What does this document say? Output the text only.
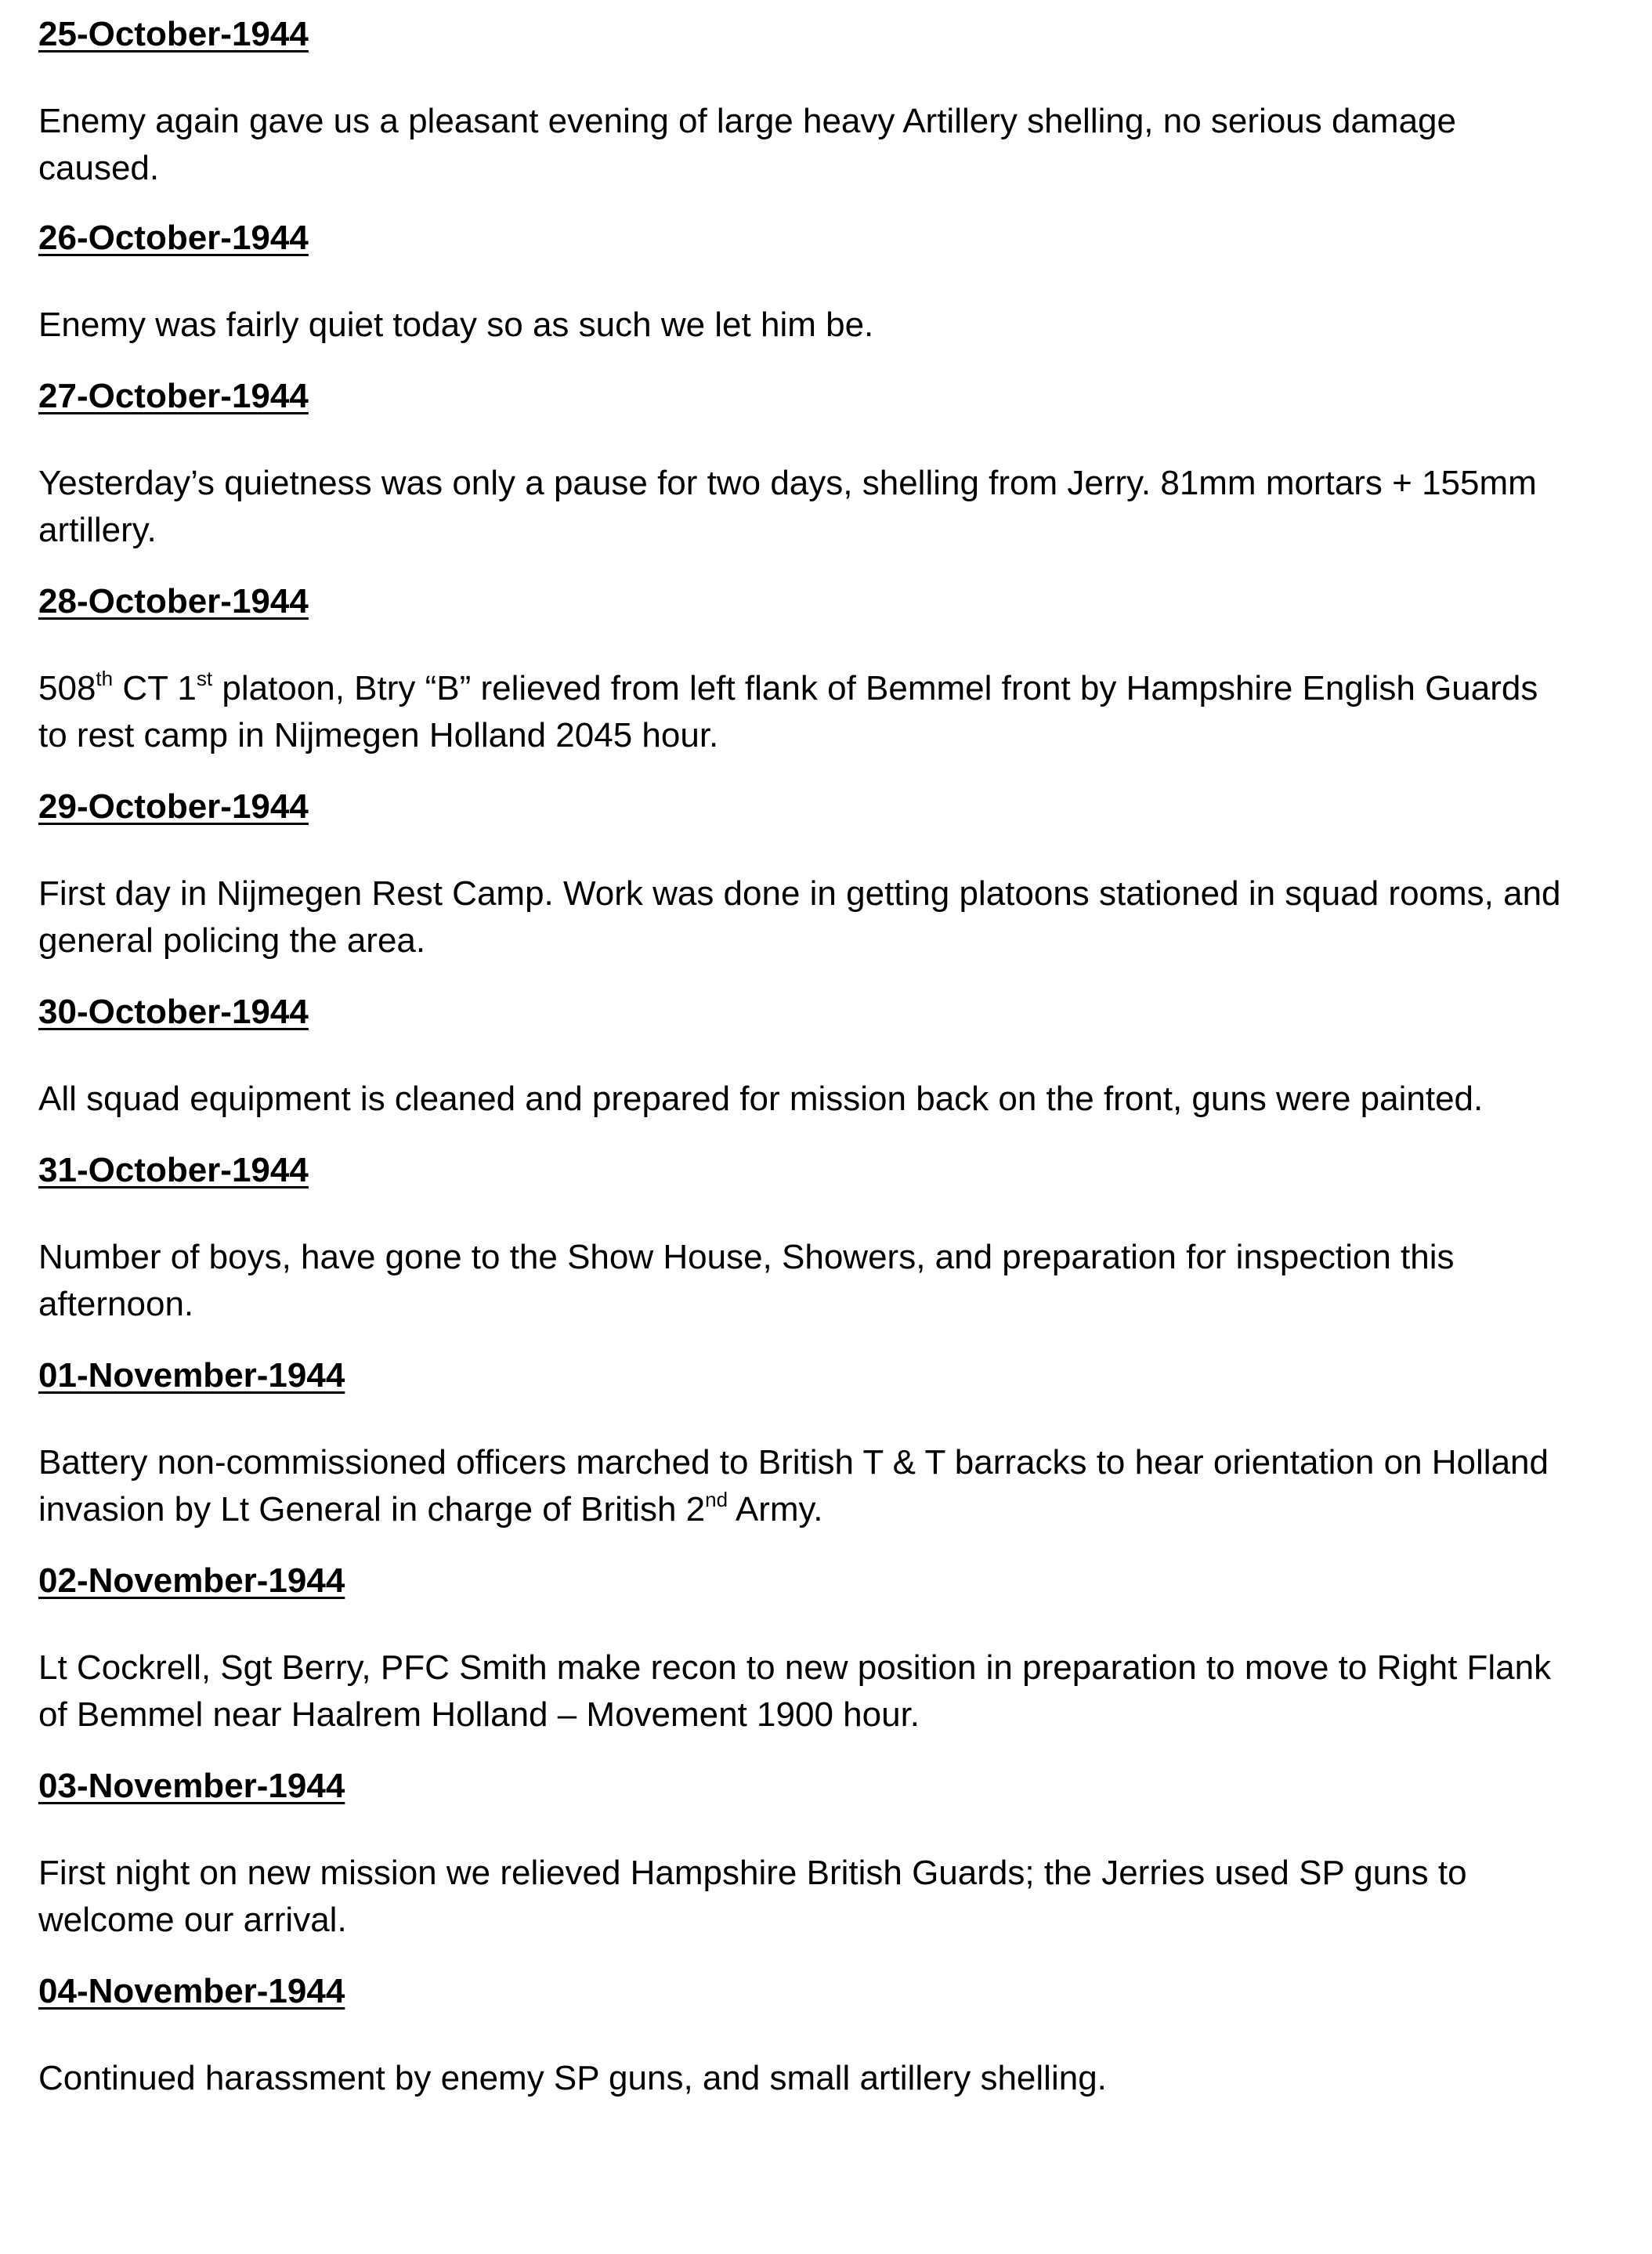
25-October-1944

Enemy again gave us a pleasant evening of large heavy Artillery shelling, no serious damage caused.

26-October-1944

Enemy was fairly quiet today so as such we let him be.

27-October-1944

Yesterday’s quietness was only a pause for two days, shelling from Jerry. 81mm mortars + 155mm artillery.

28-October-1944

508th CT 1st platoon, Btry “B” relieved from left flank of Bemmel front by Hampshire English Guards to rest camp in Nijmegen Holland 2045 hour.

29-October-1944

First day in Nijmegen Rest Camp. Work was done in getting platoons stationed in squad rooms, and general policing the area.

30-October-1944

All squad equipment is cleaned and prepared for mission back on the front, guns were painted.

31-October-1944

Number of boys, have gone to the Show House, Showers, and preparation for inspection this afternoon.

01-November-1944

Battery non-commissioned officers marched to British T & T barracks to hear orientation on Holland invasion by Lt General in charge of British 2nd Army.

02-November-1944

Lt Cockrell, Sgt Berry, PFC Smith make recon to new position in preparation to move to Right Flank of Bemmel near Haalrem Holland – Movement 1900 hour.

03-November-1944

First night on new mission we relieved Hampshire British Guards; the Jerries used SP guns to welcome our arrival.

04-November-1944

Continued harassment by enemy SP guns, and small artillery shelling.
